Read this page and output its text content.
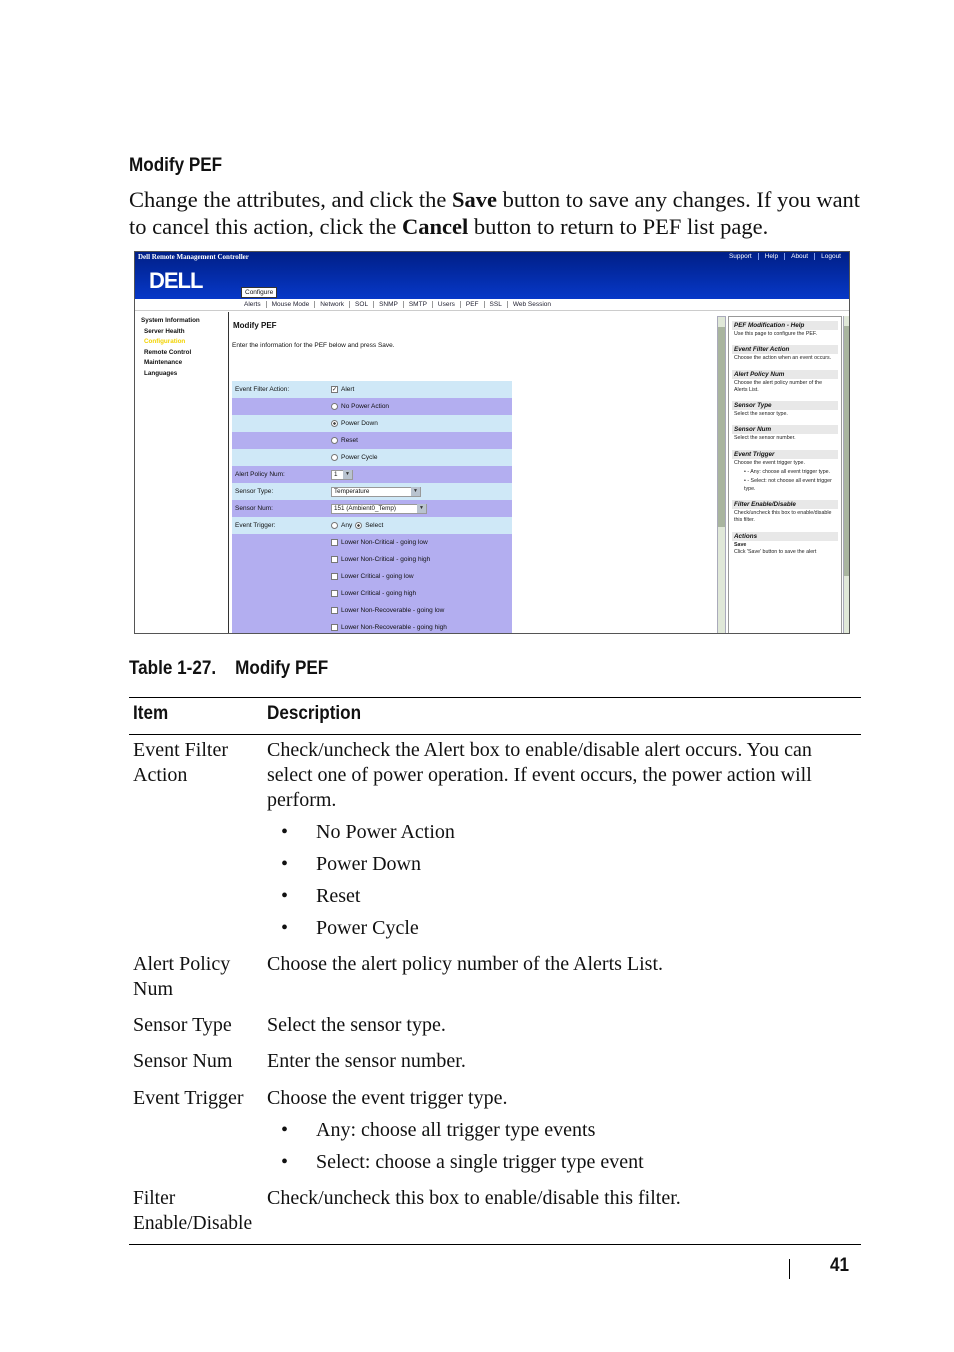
Modify PEF

Change the attributes, and click the Save button to save any changes. If you want to cancel this action, click the Cancel button to return to PEF list page.

Dell Remote Management Controller	Support	Help	About	Logout
DELL	Configure
Alerts	Mouse Mode	Network	SOL	SNMP	SMTP	Users	PEF	SSL	Web Session
System Information
Server Health
Configuration
Remote Control
Maintenance
Languages
Modify PEF
Enter the information for the PEF below and press Save.
Event Filter Action:
✓	Alert
No Power Action
Power Down
Reset
Power Cycle
Alert Policy Num:	1	▼
Sensor Type:	Temperature	▼
Sensor Num:	151 (Ambient0_Temp)	▼
Event Trigger:	Any Select
Lower Non-Critical - going low
Lower Non-Critical - going high
Lower Critical - going low
Lower Critical - going high
Lower Non-Recoverable - going low
Lower Non-Recoverable - going high
PEF Modification - Help
Use this page to configure the PEF.
Event Filter Action
Choose the action when an event occurs.
Alert Policy Num
Choose the alert policy number of the Alerts List.
Sensor Type
Select the sensor type.
Sensor Num
Select the sensor number.
Event Trigger
Choose the event trigger type.
• - Any: choose all event trigger type.
• - Select: not choose all event trigger type.
Filter Enable/Disable
Check/uncheck this box to enable/disable this filter.
Actions
Save
Click 'Save' button to save the alert
Table 1-27. Modify PEF
Item	Description
Event Filter Action
Check/uncheck the Alert box to enable/disable alert occurs. You can select one of power operation. If event occurs, the power action will perform.
• No Power Action
• Power Down
• Reset
• Power Cycle
Alert Policy Num
Choose the alert policy number of the Alerts List.
Sensor Type	Select the sensor type.
Sensor Num	Enter the sensor number.
Event Trigger	Choose the event trigger type.
• Any: choose all trigger type events
• Select: choose a single trigger type event
Filter Enable/Disable
Check/uncheck this box to enable/disable this filter.
41
